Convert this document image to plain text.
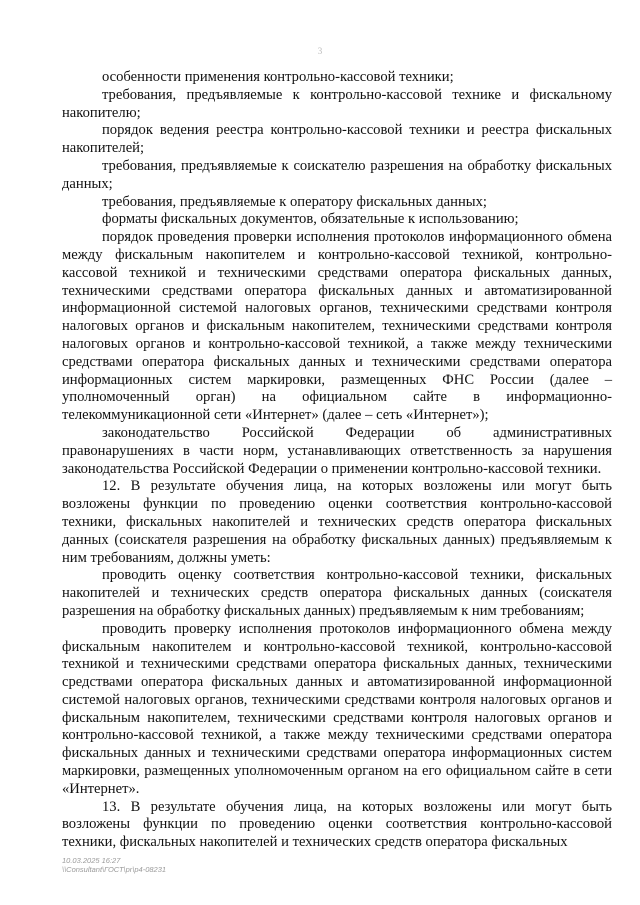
3

особенности применения контрольно-кассовой техники;

требования, предъявляемые к контрольно-кассовой технике и фискальному накопителю;

порядок ведения реестра контрольно-кассовой техники и реестра фискальных накопителей;

требования, предъявляемые к соискателю разрешения на обработку фискальных данных;

требования, предъявляемые к оператору фискальных данных;

форматы фискальных документов, обязательные к использованию;

порядок проведения проверки исполнения протоколов информационного обмена между фискальным накопителем и контрольно-кассовой техникой, контрольно-кассовой техникой и техническими средствами оператора фискальных данных, техническими средствами оператора фискальных данных и автоматизированной информационной системой налоговых органов, техническими средствами контроля налоговых органов и фискальным накопителем, техническими средствами контроля налоговых органов и контрольно-кассовой техникой, а также между техническими средствами оператора фискальных данных и техническими средствами оператора информационных систем маркировки, размещенных ФНС России (далее – уполномоченный орган) на официальном сайте в информационно-телекоммуникационной сети «Интернет» (далее – сеть «Интернет»);

законодательство Российской Федерации об административных правонарушениях в части норм, устанавливающих ответственность за нарушения законодательства Российской Федерации о применении контрольно-кассовой техники.

12. В результате обучения лица, на которых возложены или могут быть возложены функции по проведению оценки соответствия контрольно-кассовой техники, фискальных накопителей и технических средств оператора фискальных данных (соискателя разрешения на обработку фискальных данных) предъявляемым к ним требованиям, должны уметь:

проводить оценку соответствия контрольно-кассовой техники, фискальных накопителей и технических средств оператора фискальных данных (соискателя разрешения на обработку фискальных данных) предъявляемым к ним требованиям;

проводить проверку исполнения протоколов информационного обмена между фискальным накопителем и контрольно-кассовой техникой, контрольно-кассовой техникой и техническими средствами оператора фискальных данных, техническими средствами оператора фискальных данных и автоматизированной информационной системой налоговых органов, техническими средствами контроля налоговых органов и фискальным накопителем, техническими средствами контроля налоговых органов и контрольно-кассовой техникой, а также между техническими средствами оператора фискальных данных и техническими средствами оператора информационных систем маркировки, размещенных уполномоченным органом на его официальном сайте в сети «Интернет».

13. В результате обучения лица, на которых возложены или могут быть возложены функции по проведению оценки соответствия контрольно-кассовой техники, фискальных накопителей и технических средств оператора фискальных

10.03.2025 16:27
\\Consultant\ГОСТ\pr\p4-08231
